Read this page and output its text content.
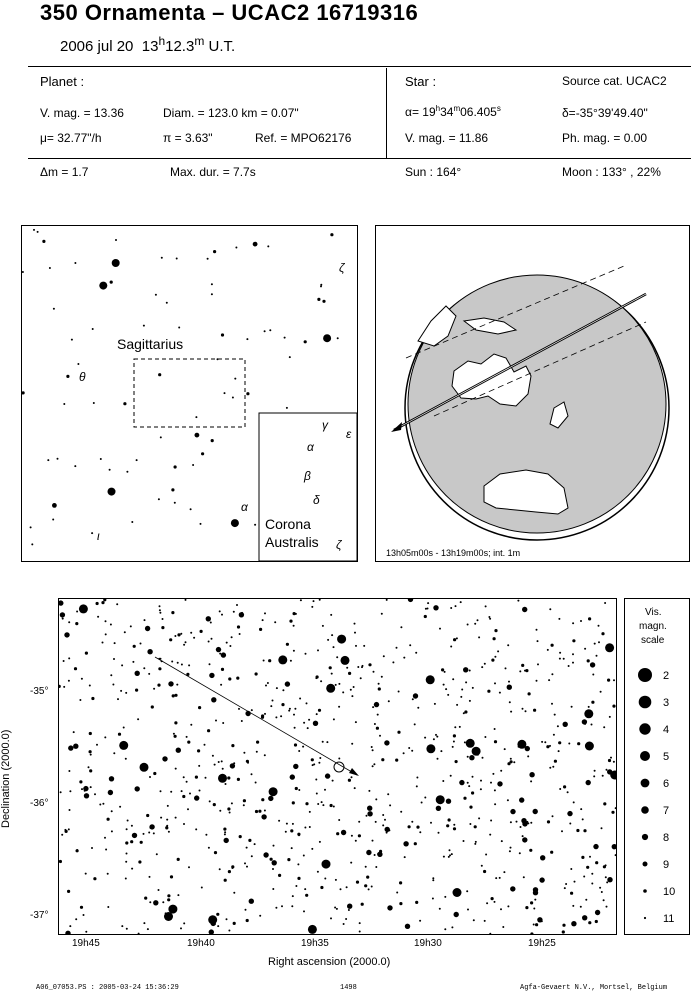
350 Ornamenta – UCAC2 16719316
2006 jul 20 13$^h$12.3$^m$ U.T.
Planet :
V. mag. = 13.36	Diam. = 123.0 km = 0.07"
μ= 32.77"/h	π = 3.63"	Ref. = MPO62176
Δm = 1.7	Max. dur. = 7.7s
Star :	Source cat. UCAC2
$\alpha= 19^h34^m06.405^s$	δ=-35°39'49.40"
V. mag. = 11.86	Ph. mag. = 0.00
Sun : 164°	Moon : 133° , 22%
Sagittarius
Corona
Australis
ζ
θ
γ
ε
α
β
δ
α
ι
ζ
13h05m00s - 13h19m00s; int. 1m
Declination (2000.0)
-35°
-36°
-37°
19h45	19h40	19h35	19h30	19h25
Right ascension (2000.0)
Vis.
magn.
scale
2
3
4
5
6
7
8
9
10
11
A06_07053.PS : 2005-03-24 15:36:29	1498	Agfa-Gevaert N.V., Mortsel, Belgium
